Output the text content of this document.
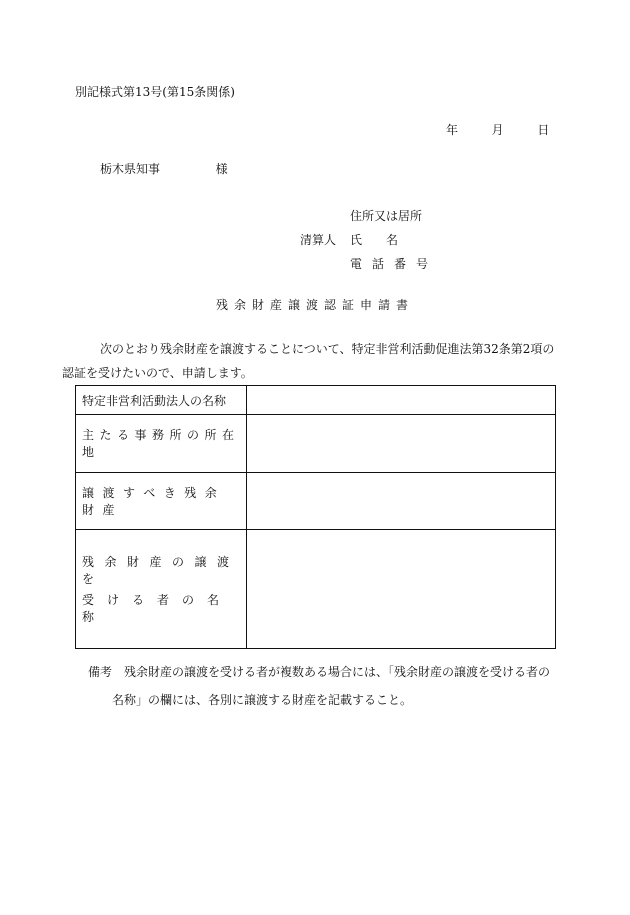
別記様式第13号(第15条関係)
年	月	日
栃木県知事	様
清算人
住所又は居所
氏　　名
電話番号
残余財産譲渡認証申請書
次のとおり残余財産を譲渡することについて、特定非営利活動促進法第32条第2項の
認証を受けたいので、申請します。
特定非営利活動法人の名称	
主たる事務所の所在地	
譲渡すべき残余財産	

残余財産の譲渡を
受ける者の名称	

備考 残余財産の譲渡を受ける者が複数ある場合には、「残余財産の譲渡を受ける者の
名称」の欄には、各別に譲渡する財産を記載すること。
